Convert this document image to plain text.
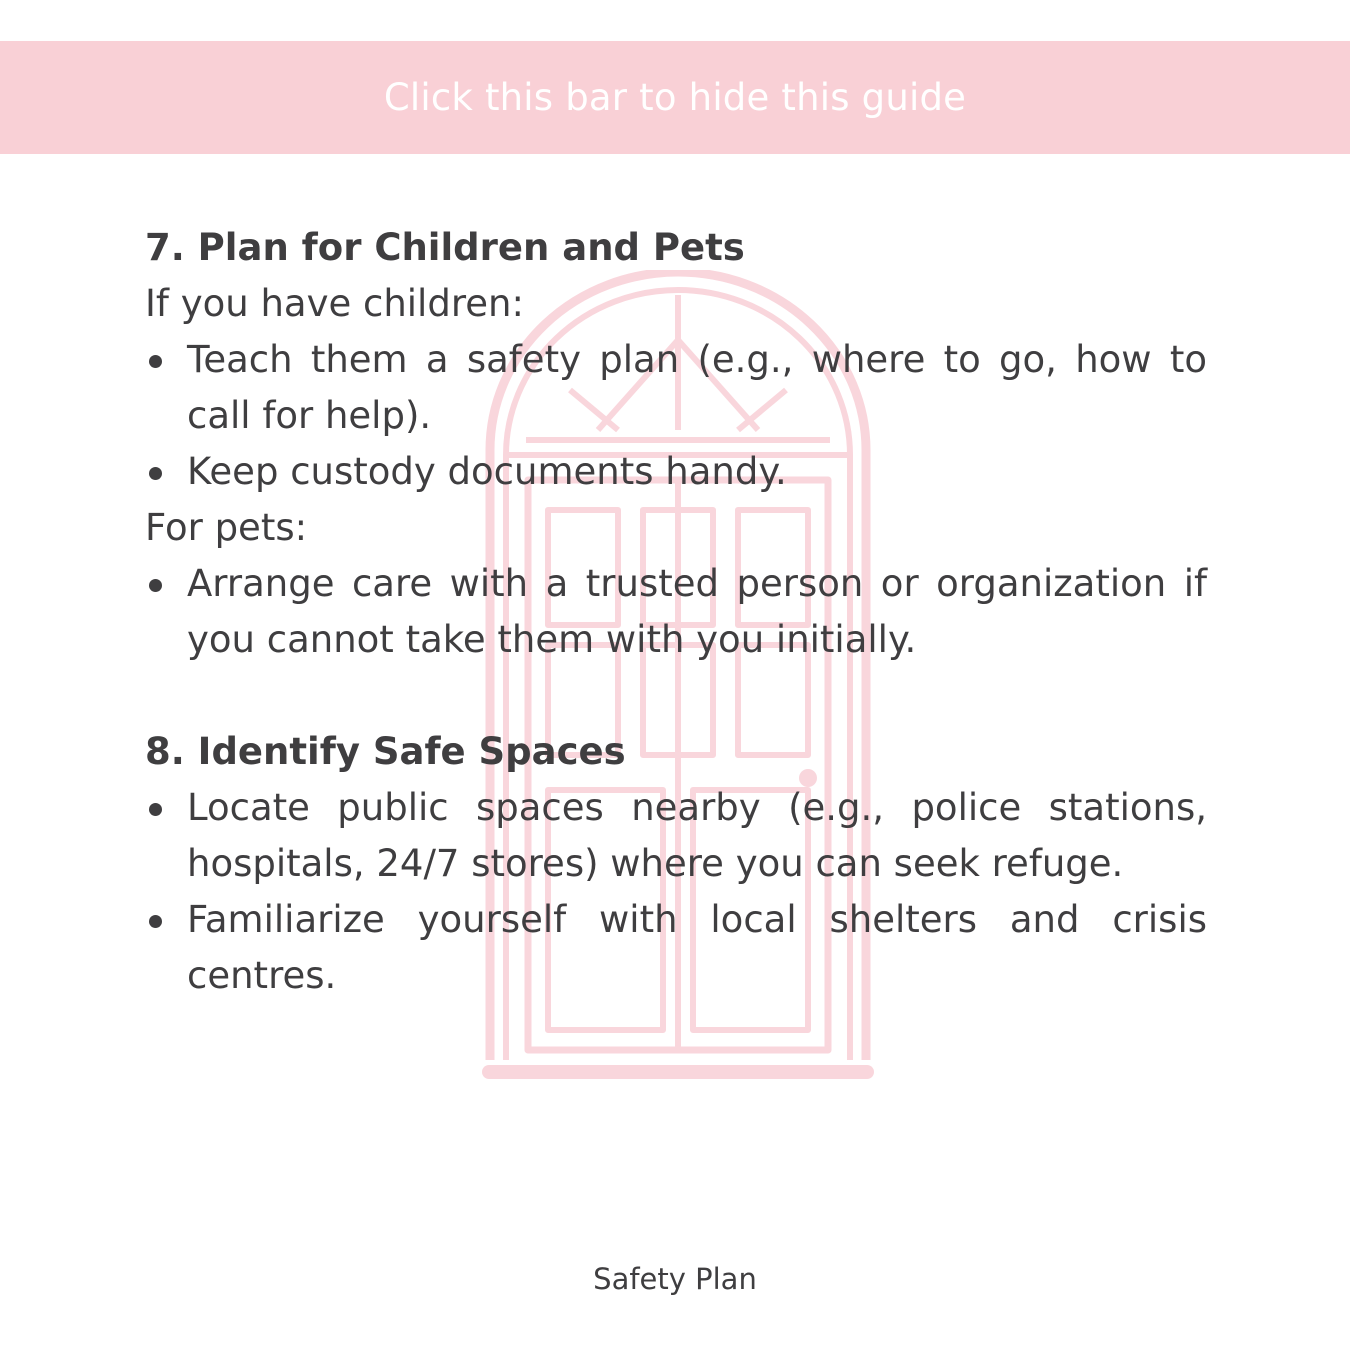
Click this bar to hide this guide
7. Plan for Children and Pets

If you have children:

Teach them a safety plan (e.g., where to go, how to call for help).
Keep custody documents handy.

For pets:

Arrange care with a trusted person or organization if you cannot take them with you initially.
8. Identify Safe Spaces
Locate public spaces nearby (e.g., police stations, hospitals, 24/7 stores) where you can seek refuge.
Familiarize yourself with local shelters and crisis centres.
Safety Plan
